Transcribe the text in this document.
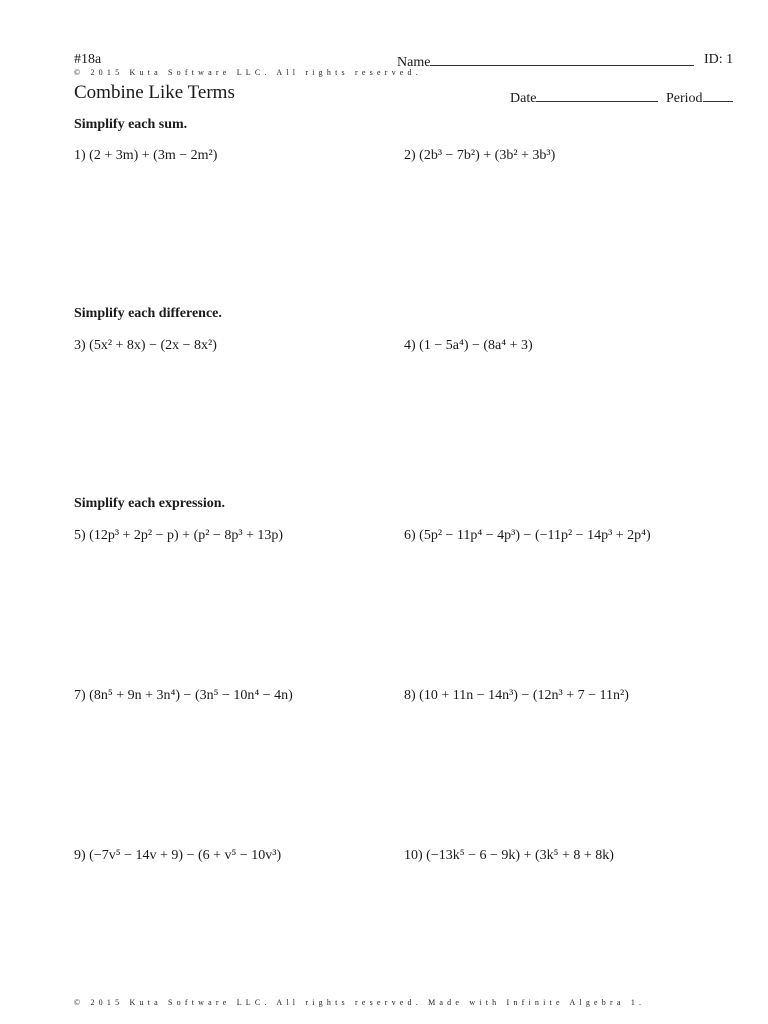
#18a
© 2015 Kuta Software LLC. All rights reserved.
Name	ID: 1
Combine Like Terms	Date	Period
Simplify each sum.
Simplify each difference.
Simplify each expression.
1) (2 + 3m) + (3m − 2m²)	2) (2b³ − 7b²) + (3b² + 3b³)
3) (5x² + 8x) − (2x − 8x²)	4) (1 − 5a⁴) − (8a⁴ + 3)
5) (12p³ + 2p² − p) + (p² − 8p³ + 13p)	6) (5p² − 11p⁴ − 4p³) − (−11p² − 14p³ + 2p⁴)
7) (8n⁵ + 9n + 3n⁴) − (3n⁵ − 10n⁴ − 4n)	8) (10 + 11n − 14n³) − (12n³ + 7 − 11n²)
9) (−7v⁵ − 14v + 9) − (6 + v⁵ − 10v³)	10) (−13k⁵ − 6 − 9k) + (3k⁵ + 8 + 8k)
© 2015 Kuta Software LLC. All rights reserved. Made with Infinite Algebra 1.
